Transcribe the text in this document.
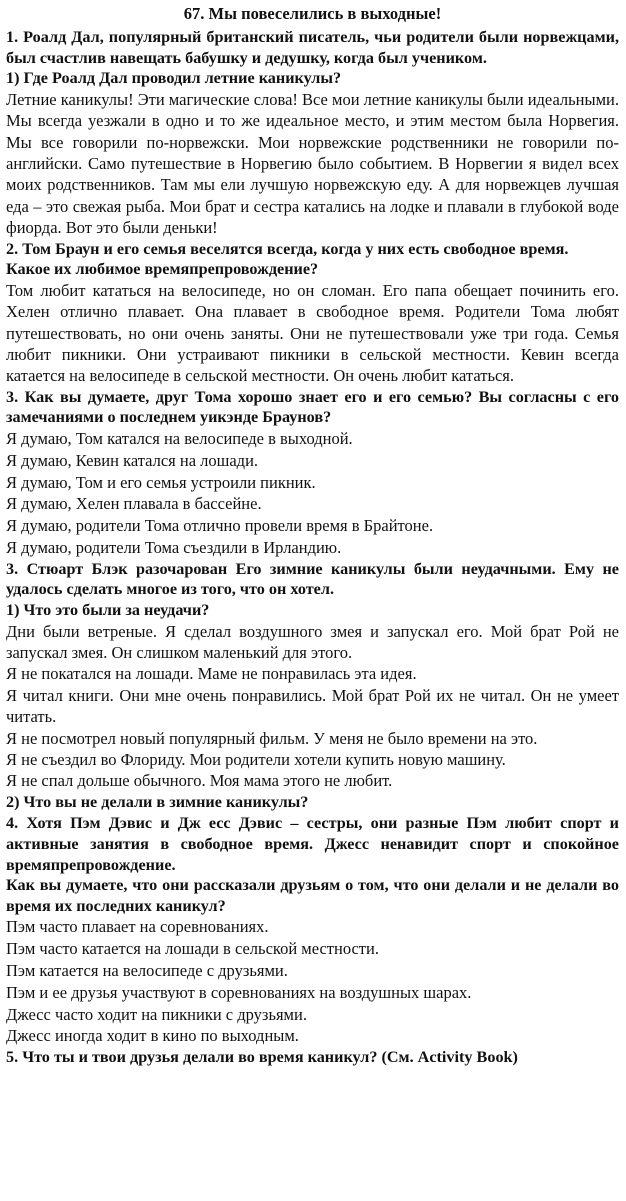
67. Мы повеселились в выходные!
1. Роалд Дал, популярный британский писатель, чьи родители были норвежцами, был счастлив навещать бабушку и дедушку, когда был учеником.
1) Где Роалд Дал проводил летние каникулы?
Летние каникулы! Эти магические слова! Все мои летние каникулы были идеальными. Мы всегда уезжали в одно и то же идеальное место, и этим местом была Норвегия. Мы все говорили по-норвежски. Мои норвежские родственники не говорили по-английски. Само путешествие в Норвегию было событием. В Норвегии я видел всех моих родственников. Там мы ели лучшую норвежскую еду. А для норвежцев лучшая еда – это свежая рыба. Мои брат и сестра катались на лодке и плавали в глубокой воде фиорда. Вот это были деньки!
2. Том Браун и его семья веселятся всегда, когда у них есть свободное время.
Какое их любимое времяпрепровождение?
Том любит кататься на велосипеде, но он сломан. Его папа обещает починить его. Хелен отлично плавает. Она плавает в свободное время. Родители Тома любят путешествовать, но они очень заняты. Они не путешествовали уже три года. Семья любит пикники. Они устраивают пикники в сельской местности. Кевин всегда катается на велосипеде в сельской местности. Он очень любит кататься.
3. Как вы думаете, друг Тома хорошо знает его и его семью? Вы согласны с его замечаниями о последнем уикэнде Браунов?
Я думаю, Том катался на велосипеде в выходной.
Я думаю, Кевин катался на лошади.
Я думаю, Том и его семья устроили пикник.
Я думаю, Хелен плавала в бассейне.
Я думаю, родители Тома отлично провели время в Брайтоне.
Я думаю, родители Тома съездили в Ирландию.
3. Стюарт Блэк разочарован Его зимние каникулы были неудачными. Ему не удалось сделать многое из того, что он хотел.
1) Что это были за неудачи?
Дни были ветреные. Я сделал воздушного змея и запускал его. Мой брат Рой не запускал змея. Он слишком маленький для этого.
Я не покатался на лошади. Маме не понравилась эта идея.
Я читал книги. Они мне очень понравились. Мой брат Рой их не читал. Он не умеет читать.
Я не посмотрел новый популярный фильм. У меня не было времени на это.
Я не съездил во Флориду. Мои родители хотели купить новую машину.
Я не спал дольше обычного. Моя мама этого не любит.
2) Что вы не делали в зимние каникулы?
4. Хотя Пэм Дэвис и Дж есс Дэвис – сестры, они разные Пэм любит спорт и активные занятия в свободное время. Джесс ненавидит спорт и спокойное времяпрепровождение.
Как вы думаете, что они рассказали друзьям о том, что они делали и не делали во время их последних каникул?
Пэм часто плавает на соревнованиях.
Пэм часто катается на лошади в сельской местности.
Пэм катается на велосипеде с друзьями.
Пэм и ее друзья участвуют в соревнованиях на воздушных шарах.
Джесс часто ходит на пикники с друзьями.
Джесс иногда ходит в кино по выходным.
5. Что ты и твои друзья делали во время каникул? (См. Activity Book)
